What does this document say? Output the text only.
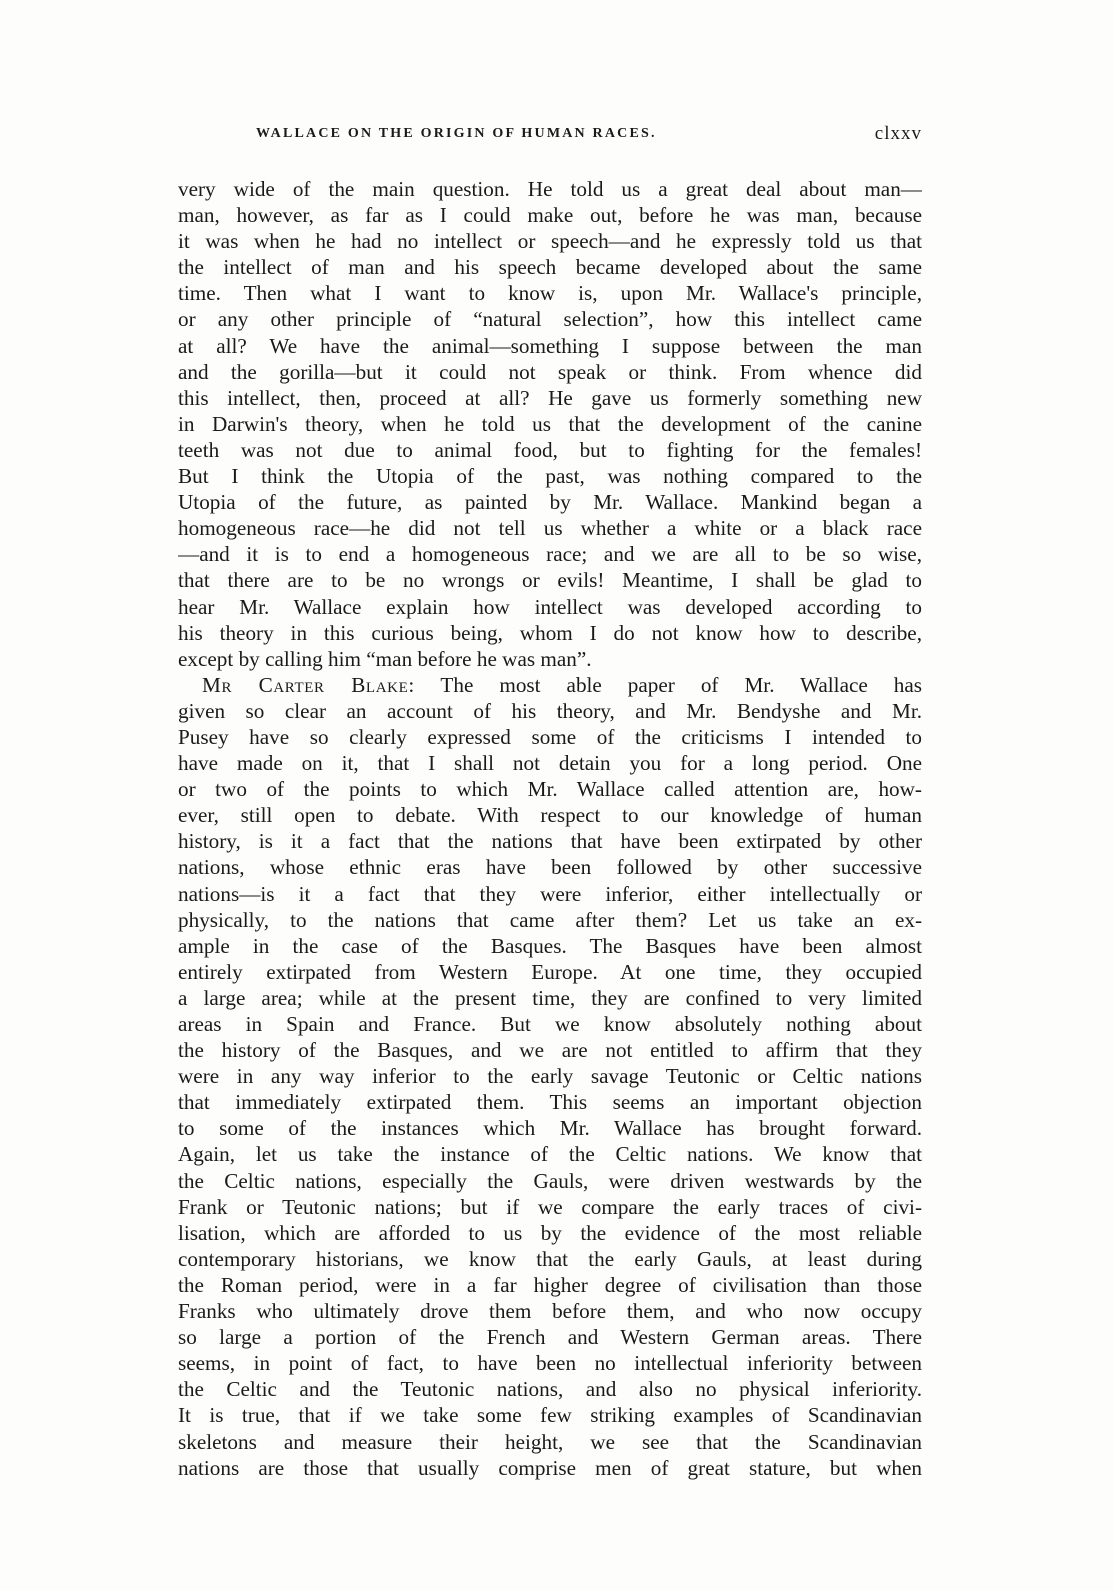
WALLACE ON THE ORIGIN OF HUMAN RACES.	clxxv
very wide of the main question. He told us a great deal about man—
man, however, as far as I could make out, before he was man, because
it was when he had no intellect or speech—and he expressly told us that
the intellect of man and his speech became developed about the same
time. Then what I want to know is, upon Mr. Wallace's principle,
or any other principle of “natural selection”, how this intellect came
at all? We have the animal—something I suppose between the man
and the gorilla—but it could not speak or think. From whence did
this intellect, then, proceed at all? He gave us formerly something new
in Darwin's theory, when he told us that the development of the canine
teeth was not due to animal food, but to fighting for the females!
But I think the Utopia of the past, was nothing compared to the
Utopia of the future, as painted by Mr. Wallace. Mankind began a
homogeneous race—he did not tell us whether a white or a black race
—and it is to end a homogeneous race; and we are all to be so wise,
that there are to be no wrongs or evils! Meantime, I shall be glad to
hear Mr. Wallace explain how intellect was developed according to
his theory in this curious being, whom I do not know how to describe,
except by calling him “man before he was man”.
Mr Carter Blake: The most able paper of Mr. Wallace has
given so clear an account of his theory, and Mr. Bendyshe and Mr.
Pusey have so clearly expressed some of the criticisms I intended to
have made on it, that I shall not detain you for a long period. One
or two of the points to which Mr. Wallace called attention are, how-
ever, still open to debate. With respect to our knowledge of human
history, is it a fact that the nations that have been extirpated by other
nations, whose ethnic eras have been followed by other successive
nations—is it a fact that they were inferior, either intellectually or
physically, to the nations that came after them? Let us take an ex-
ample in the case of the Basques. The Basques have been almost
entirely extirpated from Western Europe. At one time, they occupied
a large area; while at the present time, they are confined to very limited
areas in Spain and France. But we know absolutely nothing about
the history of the Basques, and we are not entitled to affirm that they
were in any way inferior to the early savage Teutonic or Celtic nations
that immediately extirpated them. This seems an important objection
to some of the instances which Mr. Wallace has brought forward.
Again, let us take the instance of the Celtic nations. We know that
the Celtic nations, especially the Gauls, were driven westwards by the
Frank or Teutonic nations; but if we compare the early traces of civi-
lisation, which are afforded to us by the evidence of the most reliable
contemporary historians, we know that the early Gauls, at least during
the Roman period, were in a far higher degree of civilisation than those
Franks who ultimately drove them before them, and who now occupy
so large a portion of the French and Western German areas. There
seems, in point of fact, to have been no intellectual inferiority between
the Celtic and the Teutonic nations, and also no physical inferiority.
It is true, that if we take some few striking examples of Scandinavian
skeletons and measure their height, we see that the Scandinavian
nations are those that usually comprise men of great stature, but when
